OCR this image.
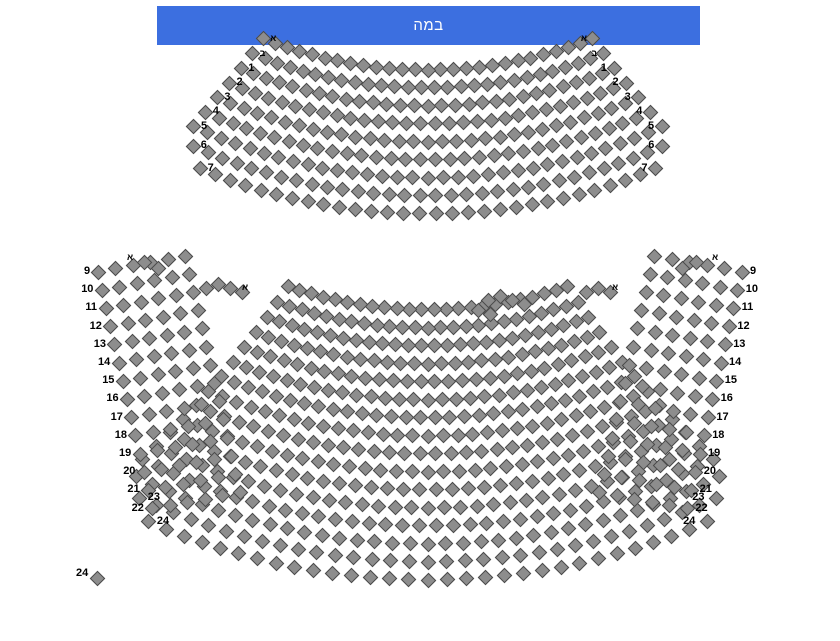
במה
א
א
ב
ב
1
1
2
2
3
3
4
4
5
5
6
6
7
7
23
23
24	24
א	א
9
10
11
12
13
14
15
16
17
18
19
20
21
22
א
24
9
10
11
12
13
14
15
16
17
18
19
20
21
22
א
